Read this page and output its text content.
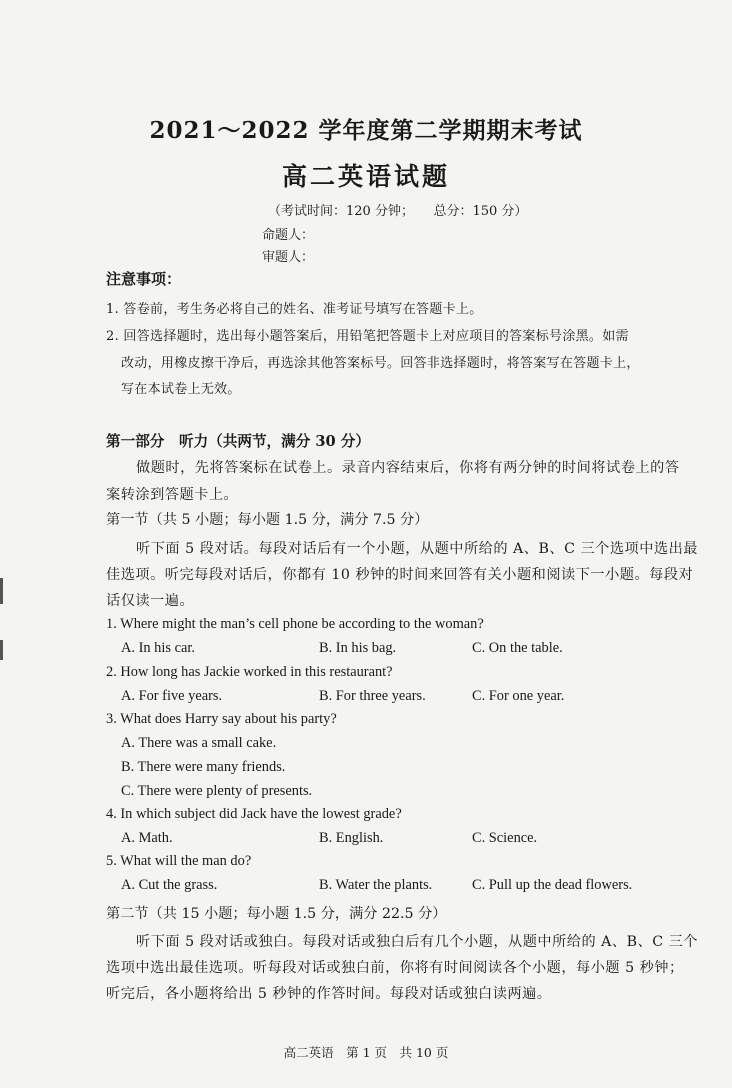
2021～2022 学年度第二学期期末考试
高二英语试题
（考试时间：120 分钟；　　总分：150 分）
命题人：
审题人：
注意事项：
1. 答卷前，考生务必将自己的姓名、准考证号填写在答题卡上。
2. 回答选择题时，选出每小题答案后，用铅笔把答题卡上对应项目的答案标号涂黑。如需
改动，用橡皮擦干净后，再选涂其他答案标号。回答非选择题时，将答案写在答题卡上，
写在本试卷上无效。
第一部分　听力（共两节，满分 30 分）
做题时，先将答案标在试卷上。录音内容结束后，你将有两分钟的时间将试卷上的答
案转涂到答题卡上。
第一节（共 5 小题；每小题 1.5 分，满分 7.5 分）
听下面 5 段对话。每段对话后有一个小题，从题中所给的 A、B、C 三个选项中选出最
佳选项。听完每段对话后，你都有 10 秒钟的时间来回答有关小题和阅读下一小题。每段对
话仅读一遍。
1. Where might the man’s cell phone be according to the woman?
A. In his car.	B. In his bag.	C. On the table.
2. How long has Jackie worked in this restaurant?
A. For five years.	B. For three years.	C. For one year.
3. What does Harry say about his party?
A. There was a small cake.
B. There were many friends.
C. There were plenty of presents.
4. In which subject did Jack have the lowest grade?
A. Math.	B. English.	C. Science.
5. What will the man do?
A. Cut the grass.	B. Water the plants.	C. Pull up the dead flowers.
第二节（共 15 小题；每小题 1.5 分，满分 22.5 分）
听下面 5 段对话或独白。每段对话或独白后有几个小题，从题中所给的 A、B、C 三个
选项中选出最佳选项。听每段对话或独白前，你将有时间阅读各个小题，每小题 5 秒钟；
听完后，各小题将给出 5 秒钟的作答时间。每段对话或独白读两遍。
高二英语　第 1 页　共 10 页
